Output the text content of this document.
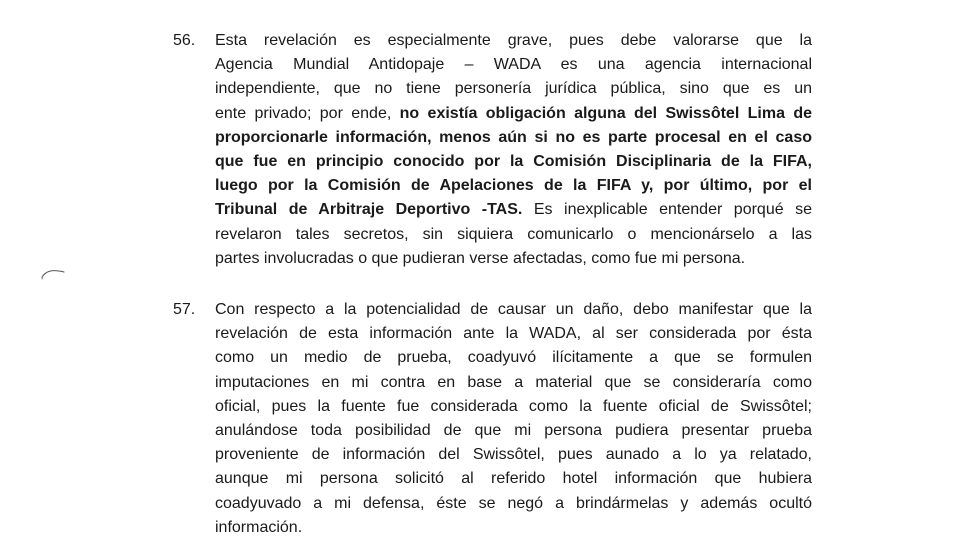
56. Esta revelación es especialmente grave, pues debe valorarse que la
Agencia Mundial Antidopaje – WADA es una agencia internacional
independiente, que no tiene personería jurídica pública, sino que es un
ente privado; por ende, no existía obligación alguna del Swissôtel Lima de
proporcionarle información, menos aún si no es parte procesal en el caso
que fue en principio conocido por la Comisión Disciplinaria de la FIFA,
luego por la Comisión de Apelaciones de la FIFA y, por último, por el
Tribunal de Arbitraje Deportivo -TAS. Es inexplicable entender porqué se
revelaron tales secretos, sin siquiera comunicarlo o mencionárselo a las
partes involucradas o que pudieran verse afectadas, como fue mi persona.
57. Con respecto a la potencialidad de causar un daño, debo manifestar que la
revelación de esta información ante la WADA, al ser considerada por ésta
como un medio de prueba, coadyuvó ilícitamente a que se formulen
imputaciones en mi contra en base a material que se consideraría como
oficial, pues la fuente fue considerada como la fuente oficial de Swissôtel;
anulándose toda posibilidad de que mi persona pudiera presentar prueba
proveniente de información del Swissôtel, pues aunado a lo ya relatado,
aunque mi persona solicitó al referido hotel información que hubiera
coadyuvado a mi defensa, éste se negó a brindármelas y además ocultó
información.
